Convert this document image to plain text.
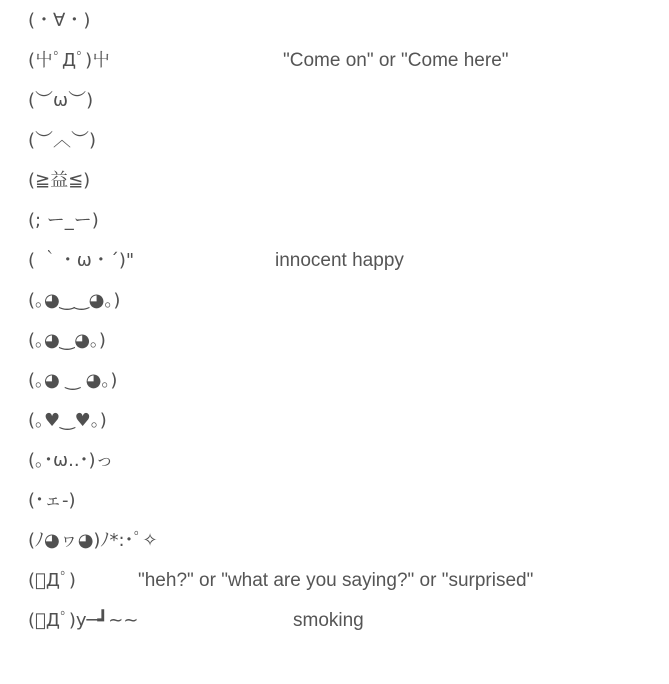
(・∀・)
(屮ﾟДﾟ)屮	"Come on" or "Come here"
(︶ω︶)
(︶︿︶)
(≧益≦)
(; ー_ー)
( ｀・ω・´)"	innocent happy
(｡◕‿‿◕｡)
(｡◕‿◕｡)
(｡◕ ‿ ◕｡)
(｡♥‿♥｡)
(｡･ω..･)っ
(･ェ-)
(ﾉ◕ヮ◕)ﾉ*:･ﾟ✧
(ﾟДﾟ)	"heh?" or "what are you saying?" or "surprised"
(ﾟДﾟ)y─┛~~	smoking
